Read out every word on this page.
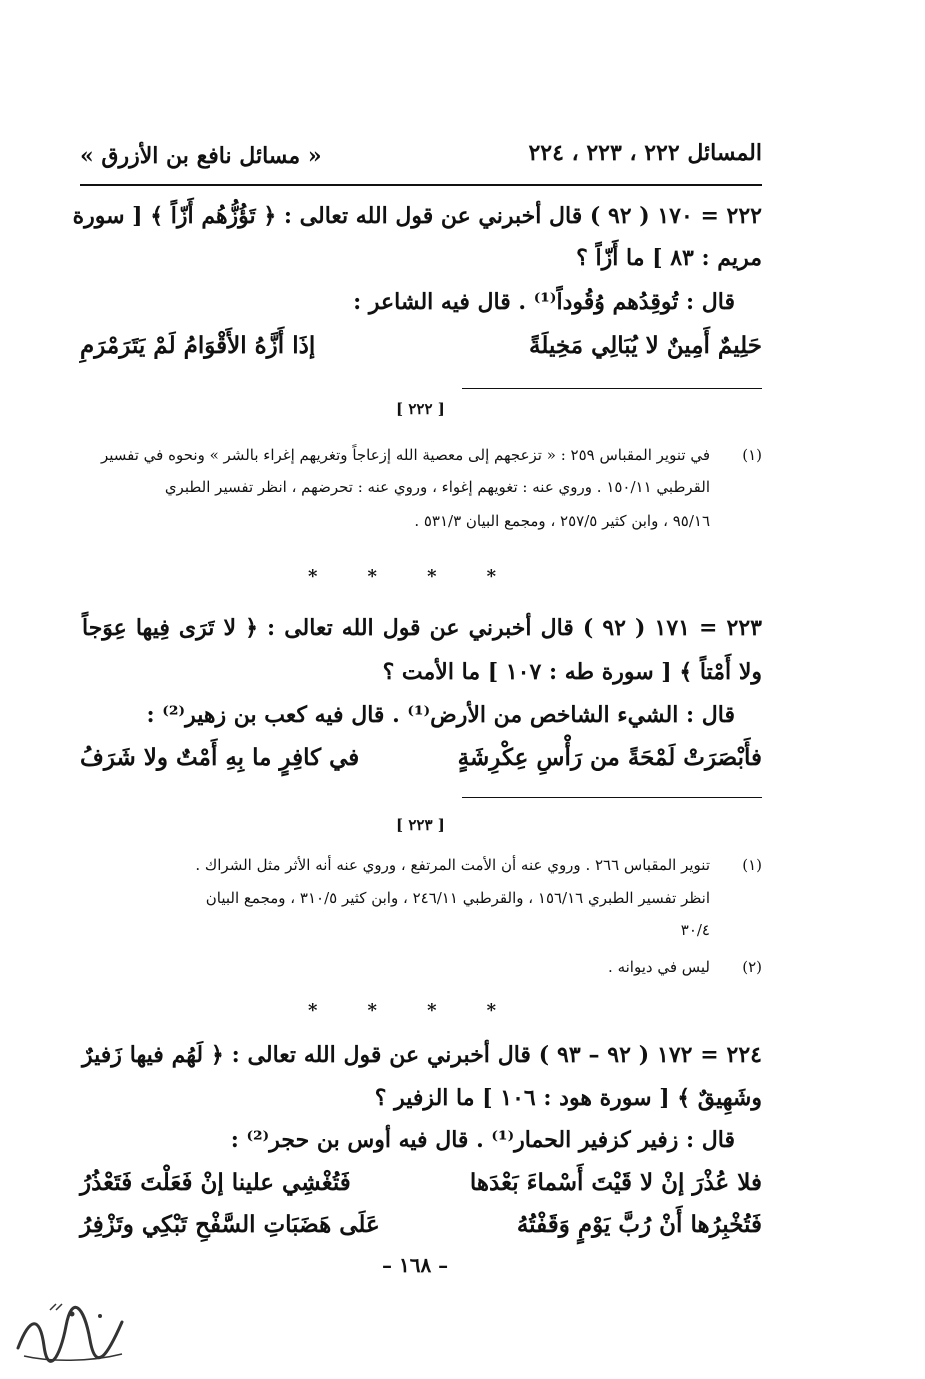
المسائل ٢٢٢ ، ٢٢٣ ، ٢٢٤
« مسائل نافع بن الأزرق »
٢٢٢ = ١٧٠ ( ٩٢ ) قال أخبرني عن قول الله تعالى : ﴿ تَؤُزُّهُم أَزّاً ﴾ [ سورة
مريم : ٨٣ ] ما أَزّاً ؟
قال : تُوقِدُهم وُقُوداً⁽¹⁾ . قال فيه الشاعر :
حَلِيمٌ أَمِينٌ لا يُبَالِي مَخِيلَةً
إذَا أَزَّهُ الأَقْوَامُ لَمْ يَتَرَمْرَمِ
[ ٢٢٢ ]
(١)
في تنوير المقباس ٢٥٩ : « تزعجهم إلى معصية الله إزعاجاً وتغريهم إغراء بالشر » ونحوه في تفسير
القرطبي ١٥٠/١١ . وروي عنه : تغويهم إغواء ، وروي عنه : تحرضهم ، انظر تفسير الطبري
٩٥/١٦ ، وابن كثير ٢٥٧/٥ ، ومجمع البيان ٥٣١/٣ .
*        *        *        *
٢٢٣ = ١٧١ ( ٩٢ ) قال أخبرني عن قول الله تعالى : ﴿ لا تَرَى فِيها عِوَجاً
ولا أَمْتاً ﴾ [ سورة طه : ١٠٧ ] ما الأمت ؟
قال : الشيء الشاخص من الأرض⁽¹⁾ . قال فيه كعب بن زهير⁽²⁾ :
فأَبْصَرَتْ لَمْحَةً من رَأْسِ عِكْرِشَةٍ
في كافِرٍ ما بِهِ أَمْتٌ ولا شَرَفُ
[ ٢٢٣ ]
(١)
تنوير المقباس ٢٦٦ . وروي عنه أن الأمت المرتفع ، وروي عنه أنه الأثر مثل الشراك .
انظر تفسير الطبري ١٥٦/١٦ ، والقرطبي ٢٤٦/١١ ، وابن كثير ٣١٠/٥ ، ومجمع البيان
٣٠/٤
(٢)
ليس في ديوانه .
*        *        *        *
٢٢٤ = ١٧٢ ( ٩٢ – ٩٣ ) قال أخبرني عن قول الله تعالى : ﴿ لَهُم فيها زَفيرٌ
وشَهِيقٌ ﴾ [ سورة هود : ١٠٦ ] ما الزفير ؟
قال : زفير كزفير الحمار⁽¹⁾ . قال فيه أوس بن حجر⁽²⁾ :
فلا عُذْرَ إنْ لا قَيْتَ أَسْماءَ بَعْدَها
فَتُغْشِي علينا إنْ فَعَلْتَ فَتَعْذُرُ
فَتُخْبِرُها أَنْ رُبَّ يَوْمٍ وَقَفْتُهُ
عَلَى هَضَبَاتِ السَّفْحِ تَبْكِي وتَزْفِرُ
– ١٦٨ –
